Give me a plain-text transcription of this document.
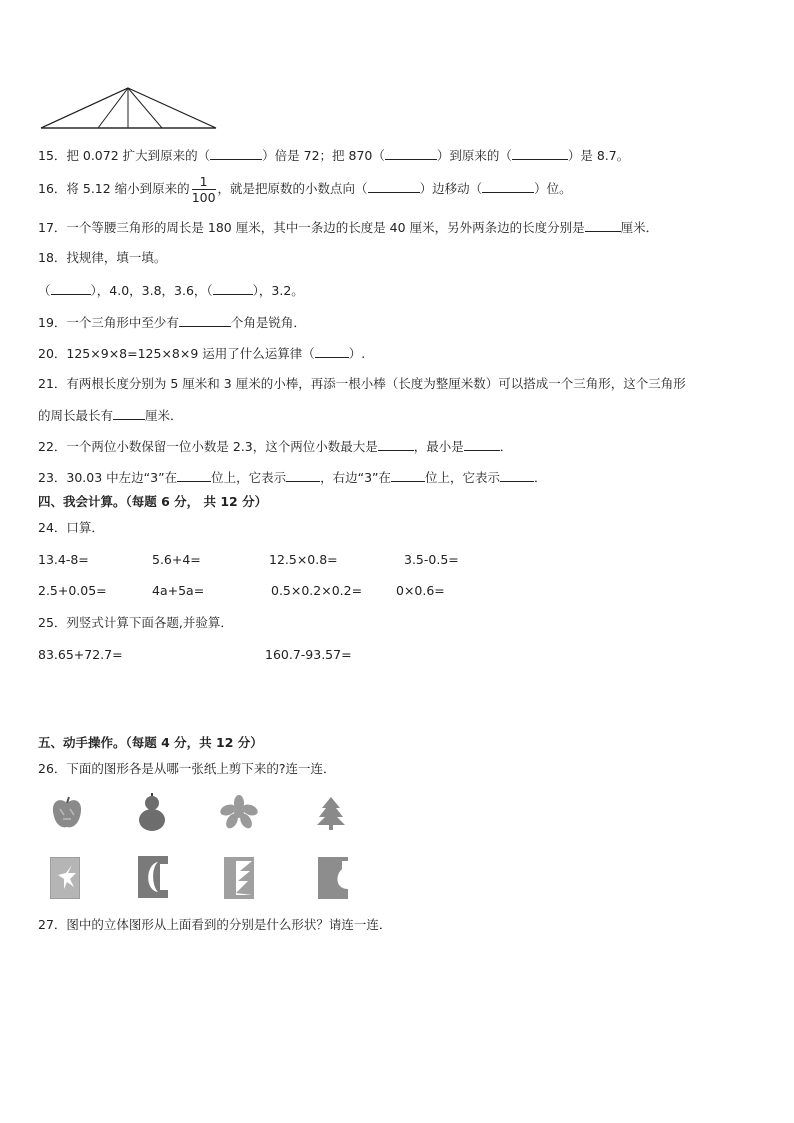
15．把 0.072 扩大到原来的（	）倍是 72；把 870（	）到原来的（	）是 8.7。
16．将 5.12 缩小到原来的 $\frac{1}{100}$ ，就是把原数的小数点向（	）边移动（	）位。
17．一个等腰三角形的周长是 180 厘米，其中一条边的长度是 40 厘米，另外两条边的长度分别是	厘米．
18．找规律，填一填。
（	），4.0，3.8，3.6，（	），3.2。
19．一个三角形中至少有	个角是锐角．
20．125×9×8=125×8×9 运用了什么运算律（	）.
21．有两根长度分别为 5 厘米和 3 厘米的小棒，再添一根小棒（长度为整厘米数）可以搭成一个三角形，这个三角形
的周长最长有	厘米．
22．一个两位小数保留一位小数是 2.3，这个两位小数最大是	，最小是	．
23．30.03 中左边“3”在	位上，它表示	，右边“3”在	位上，它表示	．
四、我会计算。（每题 6 分， 共 12 分）
24．口算．
13.4-8=	5.6+4=	12.5×0.8=	3.5-0.5=
2.5+0.05=	4a+5a=	0.5×0.2×0.2=	0×0.6=
25．列竖式计算下面各题,并验算．
83.65+72.7=	160.7-93.57=
五、动手操作。（每题 4 分，共 12 分）
26．下面的图形各是从哪一张纸上剪下来的?连一连．
27．图中的立体图形从上面看到的分别是什么形状？请连一连．
